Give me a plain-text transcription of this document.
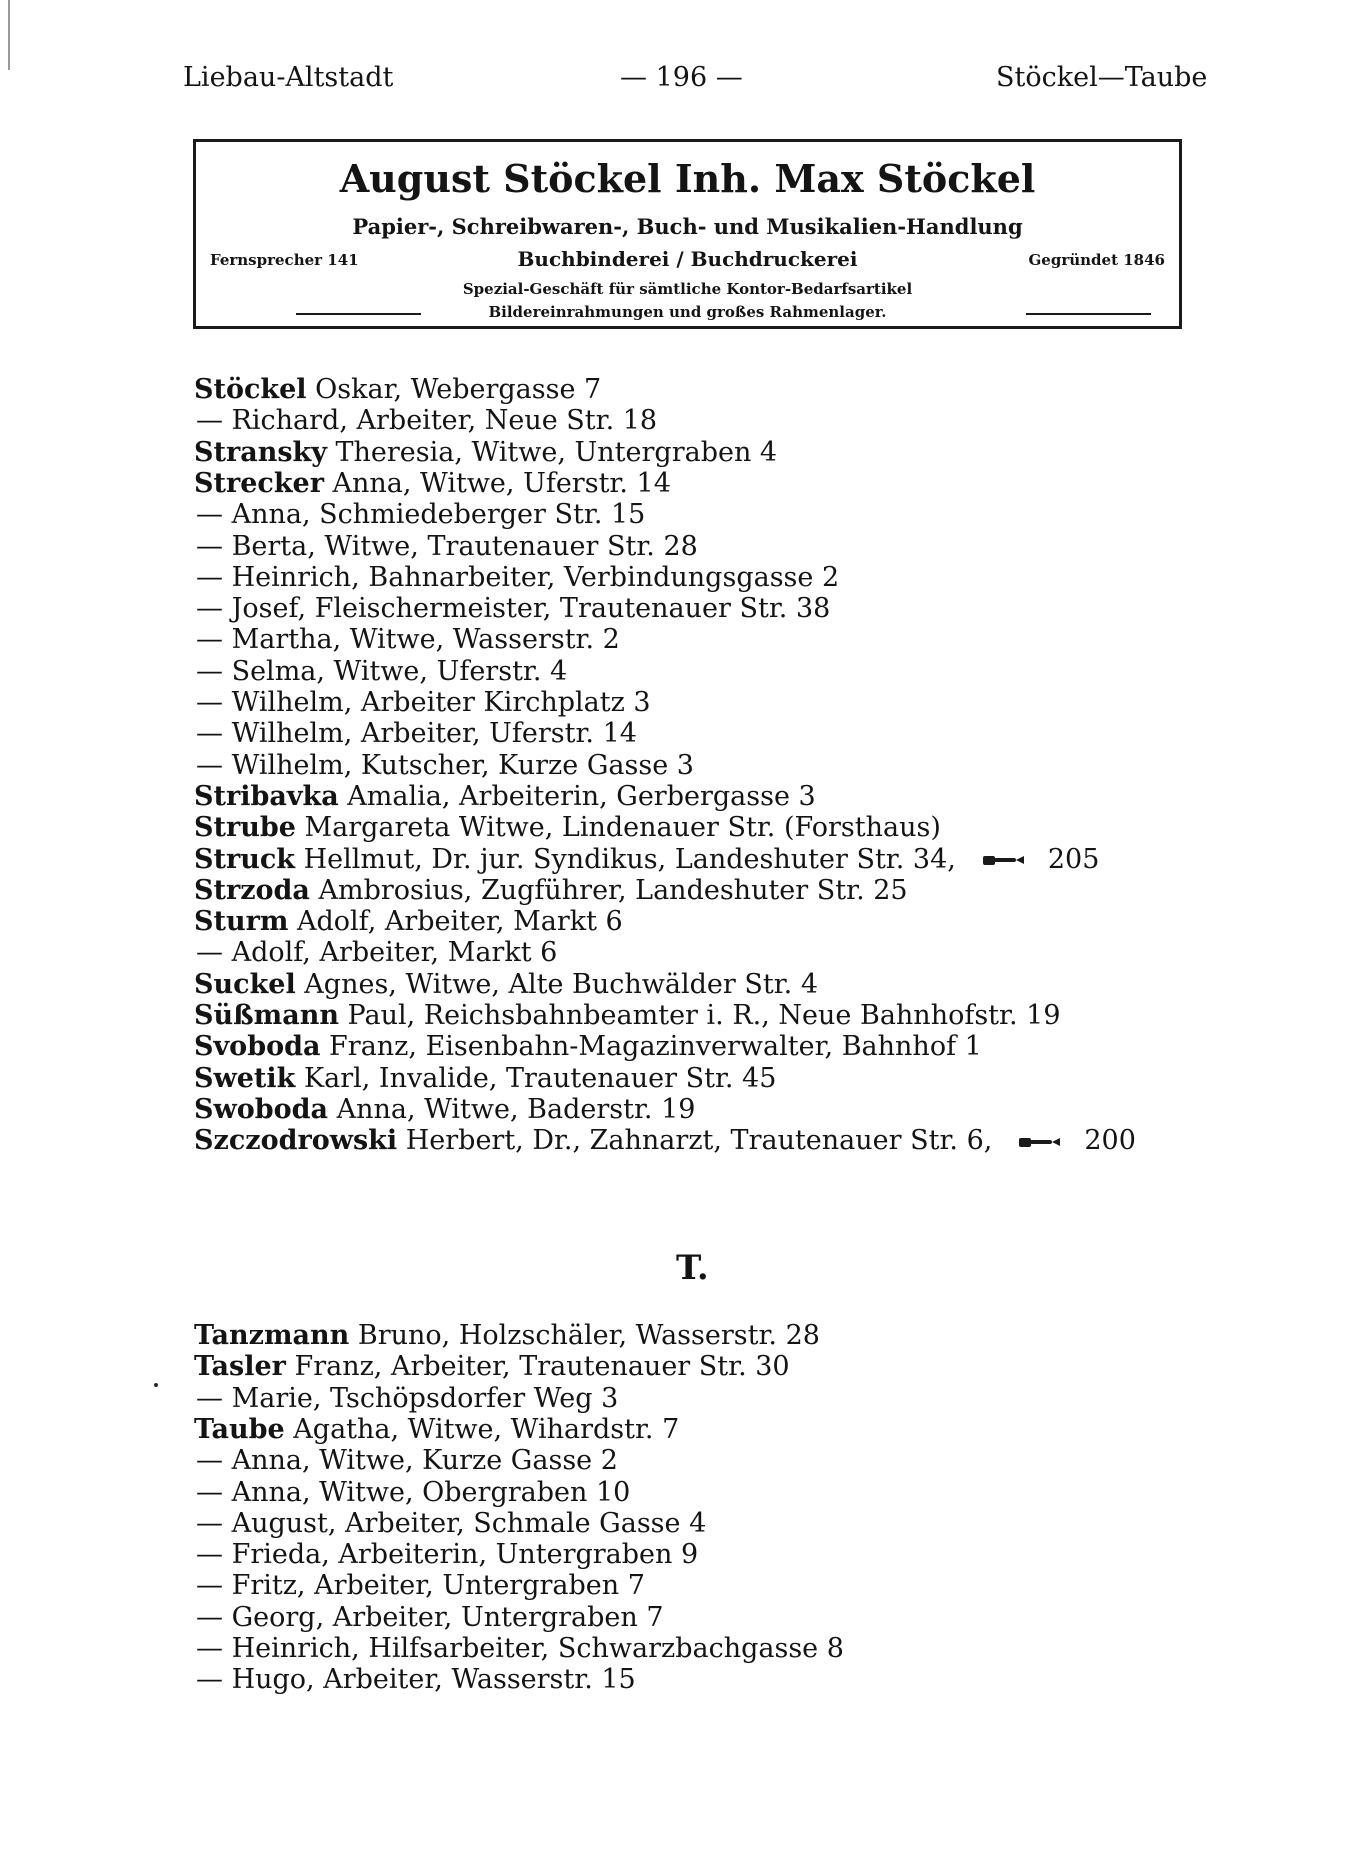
Liebau-Altstadt	— 196 —	Stöckel—Taube
August Stöckel Inh. Max Stöckel
Papier-, Schreibwaren-, Buch- und Musikalien-Handlung
Fernsprecher 141	Buchbinderei / Buchdruckerei	Gegründet 1846
Spezial-Geschäft für sämtliche Kontor-Bedarfsartikel
Bildereinrahmungen und großes Rahmenlager.
Stöckel Oskar, Webergasse 7
— Richard, Arbeiter, Neue Str. 18
Stransky Theresia, Witwe, Untergraben 4
Strecker Anna, Witwe, Uferstr. 14
— Anna, Schmiedeberger Str. 15
— Berta, Witwe, Trautenauer Str. 28
— Heinrich, Bahnarbeiter, Verbindungsgasse 2
— Josef, Fleischermeister, Trautenauer Str. 38
— Martha, Witwe, Wasserstr. 2
— Selma, Witwe, Uferstr. 4
— Wilhelm, Arbeiter Kirchplatz 3
— Wilhelm, Arbeiter, Uferstr. 14
— Wilhelm, Kutscher, Kurze Gasse 3
Stribavka Amalia, Arbeiterin, Gerbergasse 3
Strube Margareta Witwe, Lindenauer Str. (Forsthaus)
Struck Hellmut, Dr. jur. Syndikus, Landeshuter Str. 34,	205
Strzoda Ambrosius, Zugführer, Landeshuter Str. 25
Sturm Adolf, Arbeiter, Markt 6
— Adolf, Arbeiter, Markt 6
Suckel Agnes, Witwe, Alte Buchwälder Str. 4
Süßmann Paul, Reichsbahnbeamter i. R., Neue Bahnhofstr. 19
Svoboda Franz, Eisenbahn-Magazinverwalter, Bahnhof 1
Swetik Karl, Invalide, Trautenauer Str. 45
Swoboda Anna, Witwe, Baderstr. 19
Szczodrowski Herbert, Dr., Zahnarzt, Trautenauer Str. 6,	200
Tanzmann Bruno, Holzschäler, Wasserstr. 28
Tasler Franz, Arbeiter, Trautenauer Str. 30
— Marie, Tschöpsdorfer Weg 3
Taube Agatha, Witwe, Wihardstr. 7
— Anna, Witwe, Kurze Gasse 2
— Anna, Witwe, Obergraben 10
— August, Arbeiter, Schmale Gasse 4
— Frieda, Arbeiterin, Untergraben 9
— Fritz, Arbeiter, Untergraben 7
— Georg, Arbeiter, Untergraben 7
— Heinrich, Hilfsarbeiter, Schwarzbachgasse 8
— Hugo, Arbeiter, Wasserstr. 15
T.
